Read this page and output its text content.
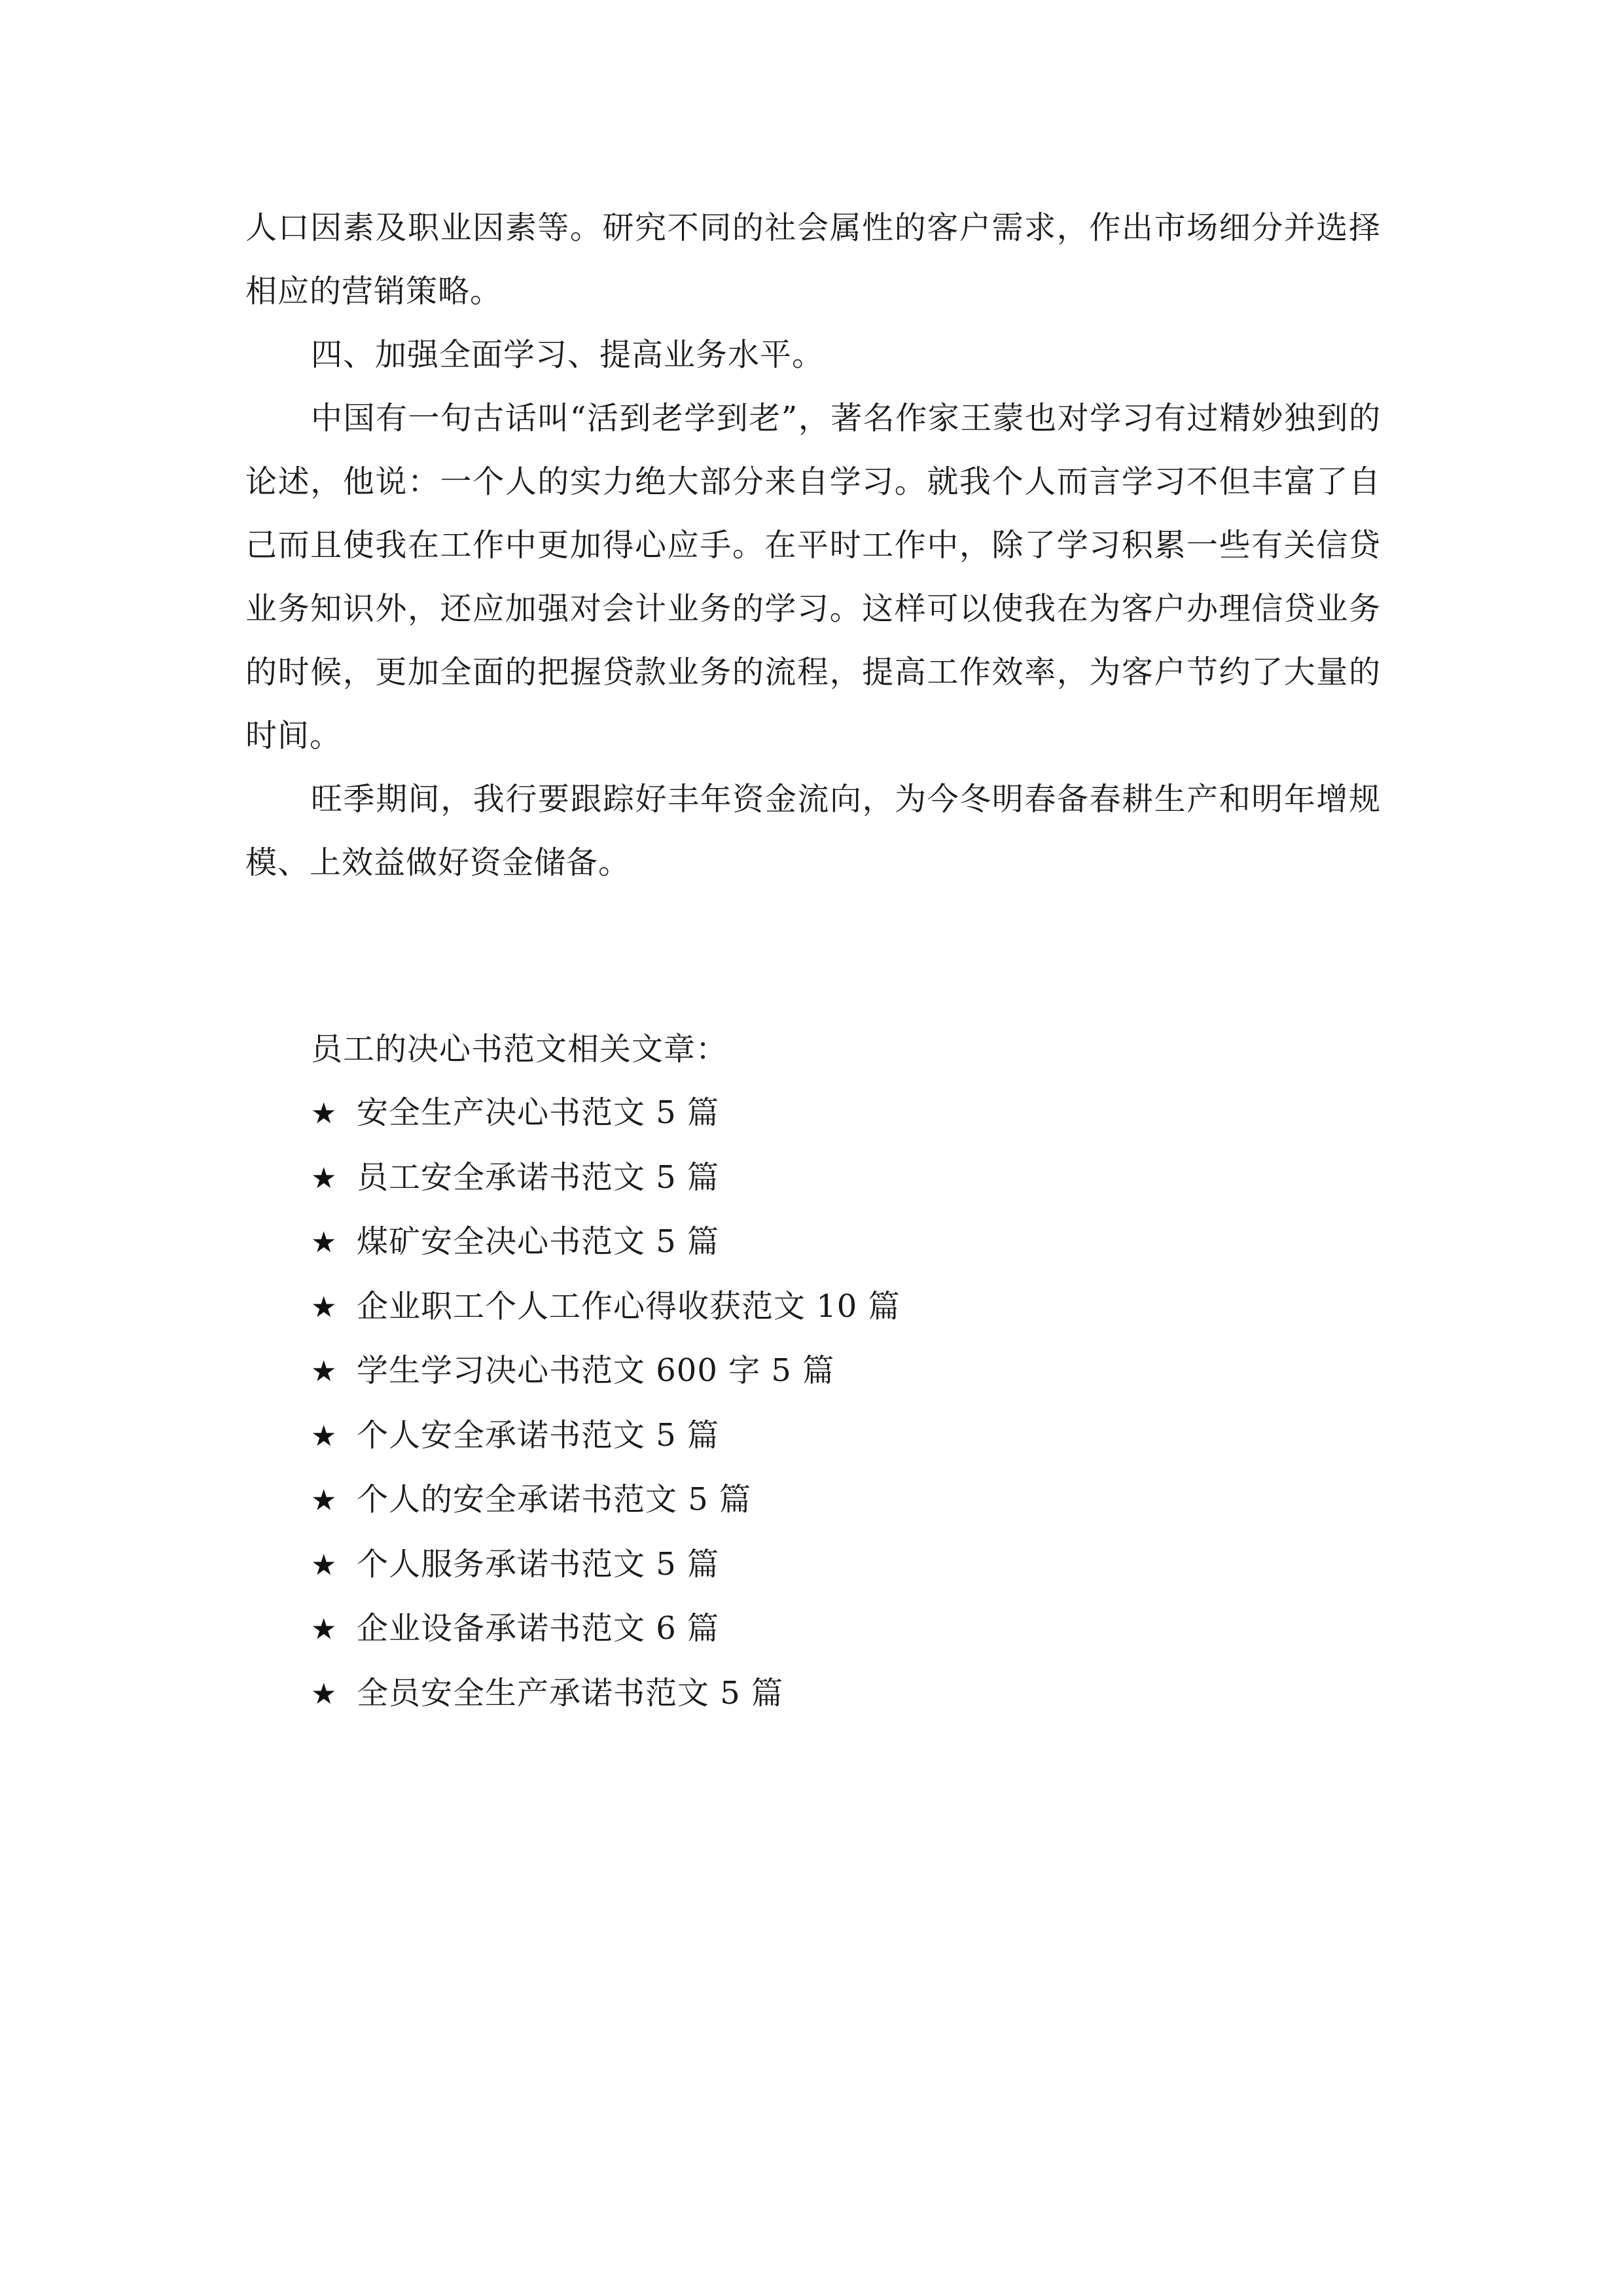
人口因素及职业因素等。研究不同的社会属性的客户需求，作出市场细分并选择相应的营销策略。

四、加强全面学习、提高业务水平。

中国有一句古话叫“活到老学到老”，著名作家王蒙也对学习有过精妙独到的论述，他说：一个人的实力绝大部分来自学习。就我个人而言学习不但丰富了自己而且使我在工作中更加得心应手。在平时工作中，除了学习积累一些有关信贷业务知识外，还应加强对会计业务的学习。这样可以使我在为客户办理信贷业务的时候，更加全面的把握贷款业务的流程，提高工作效率，为客户节约了大量的时间。

旺季期间，我行要跟踪好丰年资金流向，为今冬明春备春耕生产和明年增规模、上效益做好资金储备。

员工的决心书范文相关文章：

★ 安全生产决心书范文 5 篇
★ 员工安全承诺书范文 5 篇
★ 煤矿安全决心书范文 5 篇
★ 企业职工个人工作心得收获范文 10 篇
★ 学生学习决心书范文 600 字 5 篇
★ 个人安全承诺书范文 5 篇
★ 个人的安全承诺书范文 5 篇
★ 个人服务承诺书范文 5 篇
★ 企业设备承诺书范文 6 篇
★ 全员安全生产承诺书范文 5 篇
